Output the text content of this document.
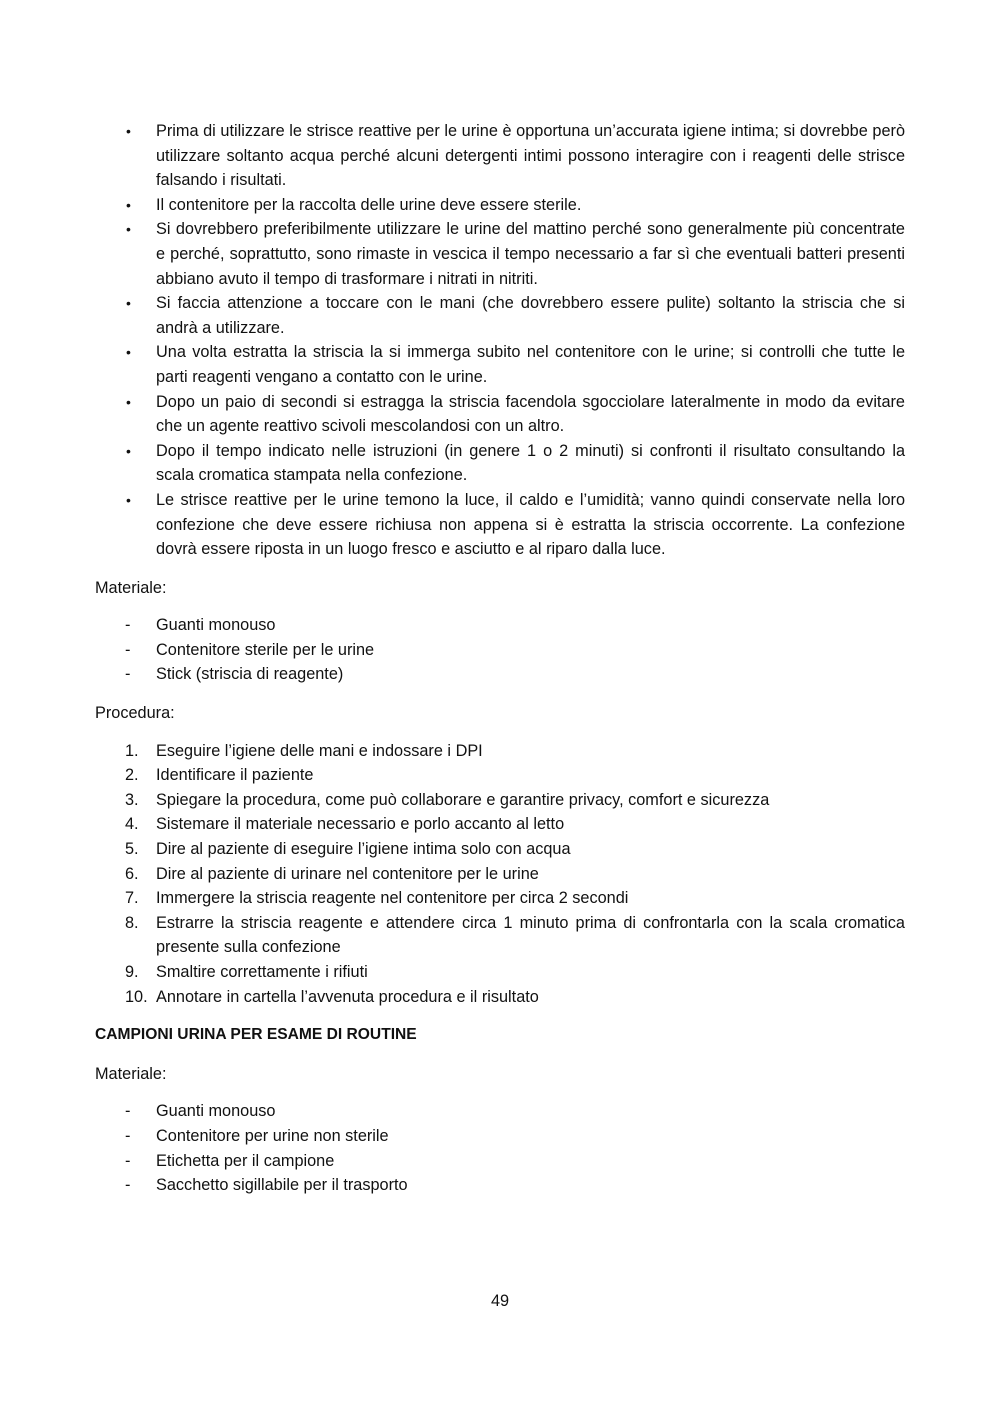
• Prima di utilizzare le strisce reattive per le urine è opportuna un’accurata igiene intima; si dovrebbe però utilizzare soltanto acqua perché alcuni detergenti intimi possono interagire con i reagenti delle strisce falsando i risultati.
• Il contenitore per la raccolta delle urine deve essere sterile.
• Si dovrebbero preferibilmente utilizzare le urine del mattino perché sono generalmente più concentrate e perché, soprattutto, sono rimaste in vescica il tempo necessario a far sì che eventuali batteri presenti abbiano avuto il tempo di trasformare i nitrati in nitriti.
• Si faccia attenzione a toccare con le mani (che dovrebbero essere pulite) soltanto la striscia che si andrà a utilizzare.
• Una volta estratta la striscia la si immerga subito nel contenitore con le urine; si controlli che tutte le parti reagenti vengano a contatto con le urine.
• Dopo un paio di secondi si estragga la striscia facendola sgocciolare lateralmente in modo da evitare che un agente reattivo scivoli mescolandosi con un altro.
• Dopo il tempo indicato nelle istruzioni (in genere 1 o 2 minuti) si confronti il risultato consultando la scala cromatica stampata nella confezione.
• Le strisce reattive per le urine temono la luce, il caldo e l’umidità; vanno quindi conservate nella loro confezione che deve essere richiusa non appena si è estratta la striscia occorrente. La confezione dovrà essere riposta in un luogo fresco e asciutto e al riparo dalla luce.

Materiale:

- Guanti monouso
- Contenitore sterile per le urine
- Stick (striscia di reagente)

Procedura:

1. Eseguire l’igiene delle mani e indossare i DPI
2. Identificare il paziente
3. Spiegare la procedura, come può collaborare e garantire privacy, comfort e sicurezza
4. Sistemare il materiale necessario e porlo accanto al letto
5. Dire al paziente di eseguire l’igiene intima solo con acqua
6. Dire al paziente di urinare nel contenitore per le urine
7. Immergere la striscia reagente nel contenitore per circa 2 secondi
8. Estrarre la striscia reagente e attendere circa 1 minuto prima di confrontarla con la scala cromatica presente sulla confezione
9. Smaltire correttamente i rifiuti
10. Annotare in cartella l’avvenuta procedura e il risultato

CAMPIONI URINA PER ESAME DI ROUTINE

Materiale:

- Guanti monouso
- Contenitore per urine non sterile
- Etichetta per il campione
- Sacchetto sigillabile per il trasporto
49
